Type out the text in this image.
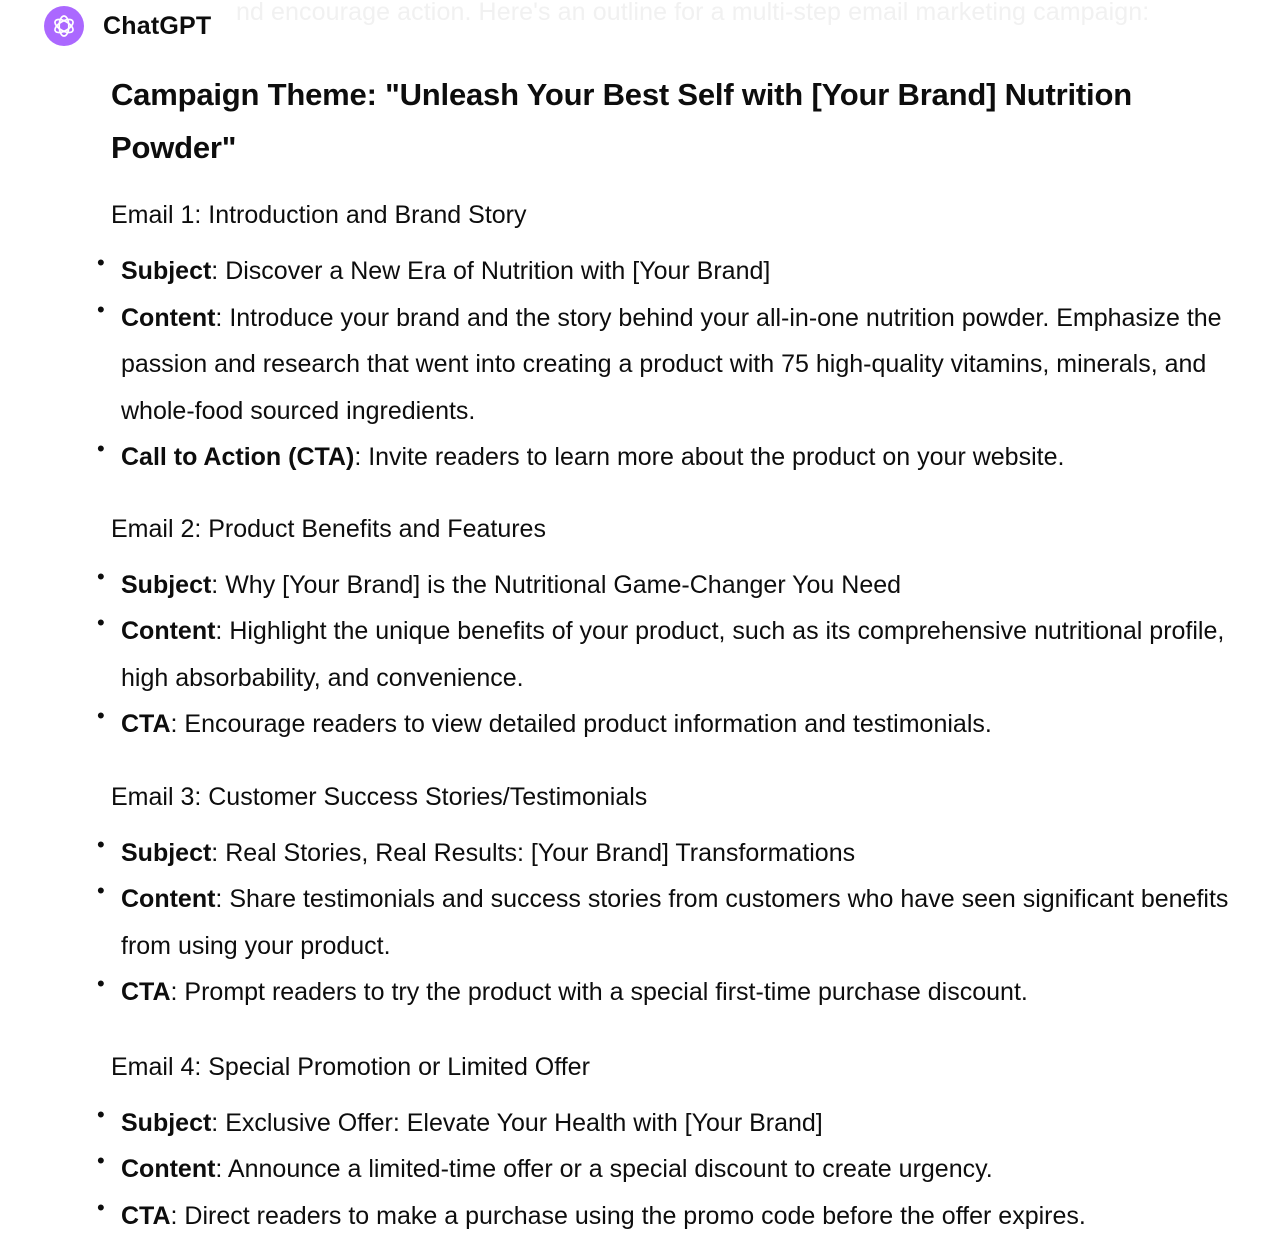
nd encourage action. Here's an outline for a multi-step email marketing campaign:
ChatGPT
Campaign Theme: "Unleash Your Best Self with [Your Brand] Nutrition Powder"

Email 1: Introduction and Brand Story

• Subject: Discover a New Era of Nutrition with [Your Brand]
• Content: Introduce your brand and the story behind your all-in-one nutrition powder. Emphasize the passion and research that went into creating a product with 75 high-quality vitamins, minerals, and whole-food sourced ingredients.
• Call to Action (CTA): Invite readers to learn more about the product on your website.

Email 2: Product Benefits and Features

• Subject: Why [Your Brand] is the Nutritional Game-Changer You Need
• Content: Highlight the unique benefits of your product, such as its comprehensive nutritional profile, high absorbability, and convenience.
• CTA: Encourage readers to view detailed product information and testimonials.

Email 3: Customer Success Stories/Testimonials

• Subject: Real Stories, Real Results: [Your Brand] Transformations
• Content: Share testimonials and success stories from customers who have seen significant benefits from using your product.
• CTA: Prompt readers to try the product with a special first-time purchase discount.

Email 4: Special Promotion or Limited Offer

• Subject: Exclusive Offer: Elevate Your Health with [Your Brand]
• Content: Announce a limited-time offer or a special discount to create urgency.
• CTA: Direct readers to make a purchase using the promo code before the offer expires.
